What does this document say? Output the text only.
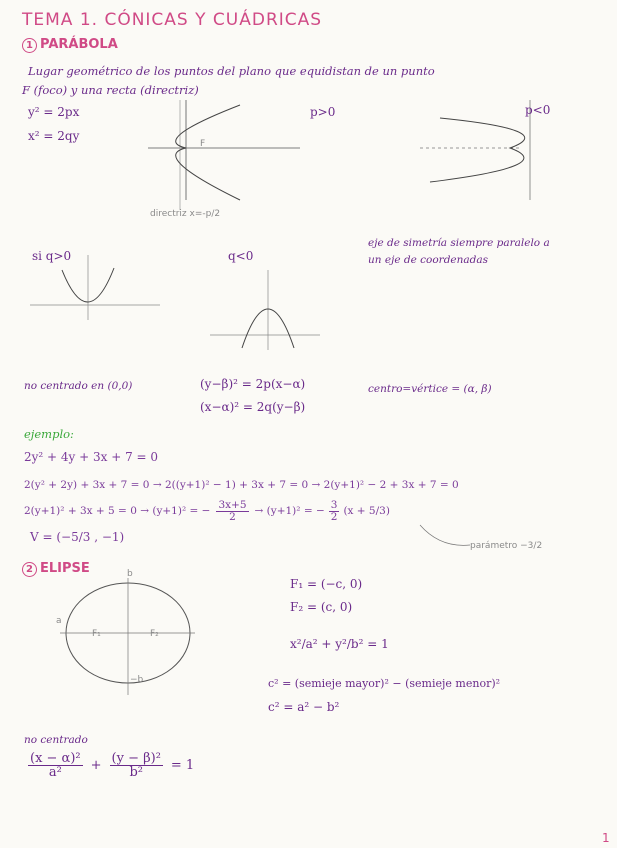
TEMA 1. CÓNICAS Y CUÁDRICAS
1 PARÁBOLA
Lugar geométrico de los puntos del plano que equidistan de un punto
F (foco) y una recta (directriz)
y² = 2px
x² = 2qy
F
directriz x=-p/2
p>0	p<0
si q>0	q<0
eje de simetría siempre paralelo a
un eje de coordenadas
no centrado en (0,0)	(y−β)² = 2p(x−α)
(x−α)² = 2q(y−β)
centro=vértice = (α, β)
ejemplo:
2y² + 4y + 3x + 7 = 0
2(y² + 2y) + 3x + 7 = 0 → 2((y+1)² − 1) + 3x + 7 = 0 → 2(y+1)² − 2 + 3x + 7 = 0
2(y+1)² + 3x + 5 = 0 → (y+1)² = − $\frac{3x+5}{2} \to (y+1)^2$ = − $\frac{3}{2} (x + 5/3)$
V = (−5/3 , −1)
parámetro −3/2
2 ELIPSE
a
b
F₁	F₂
−b
F₁ = (−c, 0)
F₂ = (c, 0)
x²/a² + y²/b² = 1
c² = (semieje mayor)² − (semieje menor)²
c² = a² − b²
no centrado
$\frac{\text{(x − α)²}}{\text{a²}} + \frac{\text{(y − β)²}}{\text{b²}} = 1$
1
